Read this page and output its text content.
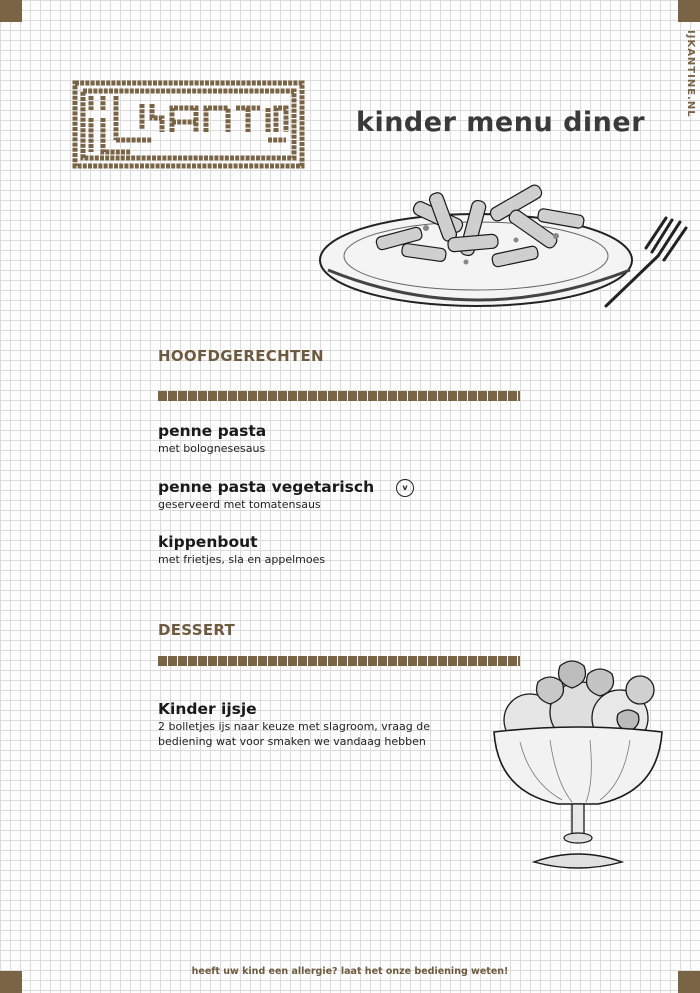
IJKANTINE.NL
kinder menu diner
HOOFDGERECHTEN
penne pasta
met bolognesesaus
penne pasta vegetarisch
geserveerd met tomatensaus
v
kippenbout
met frietjes, sla en appelmoes
DESSERT
Kinder ijsje
2 bolletjes ijs naar keuze met slagroom, vraag de
bediening wat voor smaken we vandaag hebben
heeft uw kind een allergie? laat het onze bediening weten!
